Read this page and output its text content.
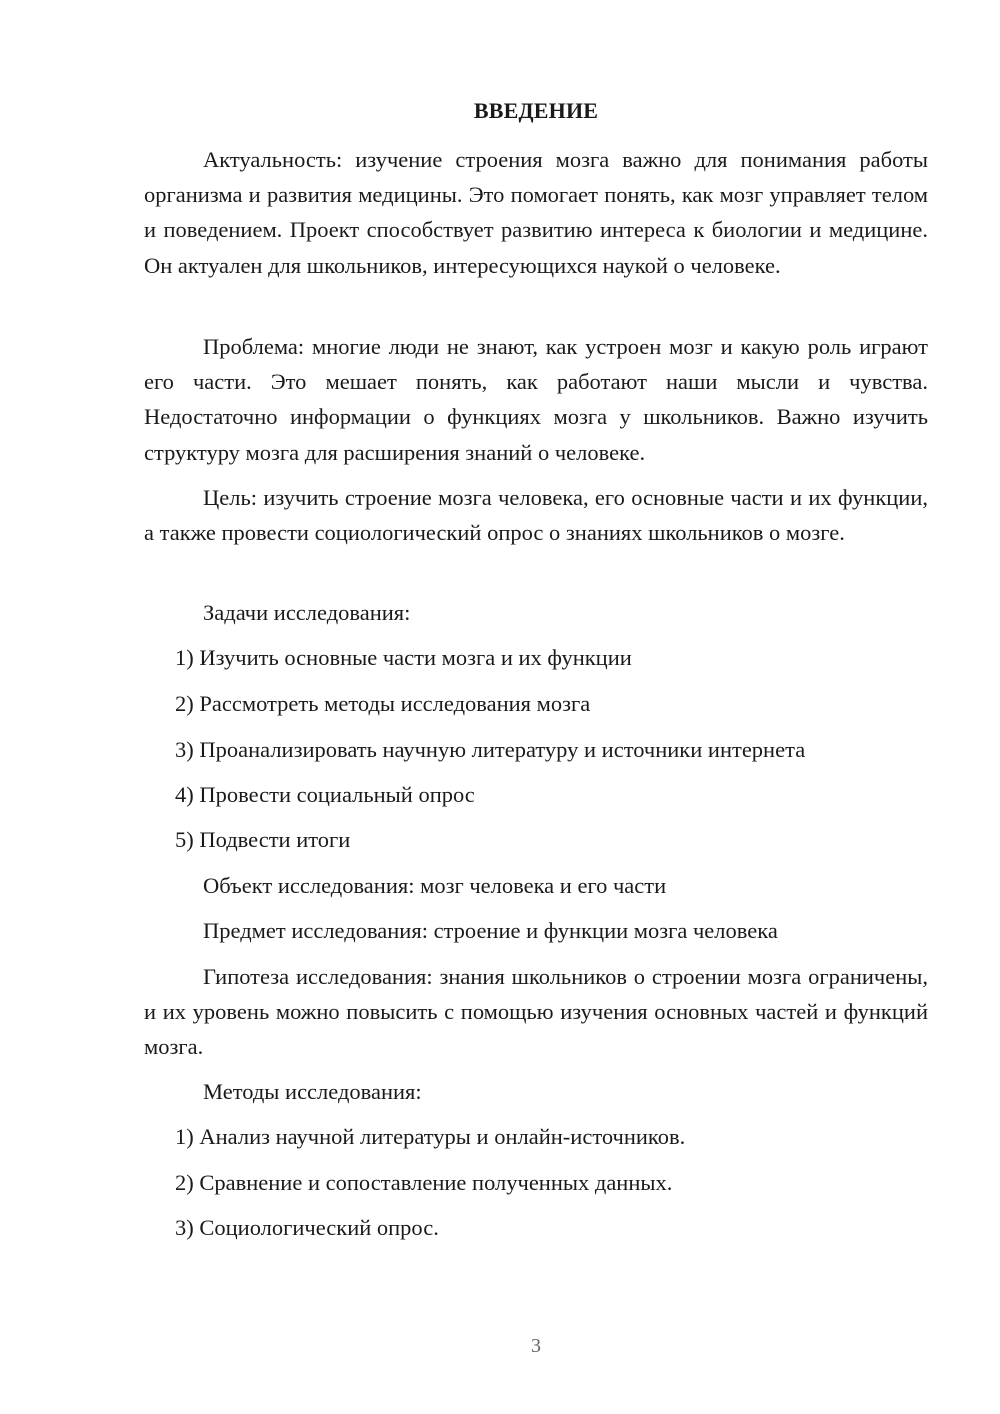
ВВЕДЕНИЕ

Актуальность: изучение строения мозга важно для понимания работы организма и развития медицины. Это помогает понять, как мозг управляет телом и поведением. Проект способствует развитию интереса к биологии и медицине. Он актуален для школьников, интересующихся наукой о человеке.

Проблема: многие люди не знают, как устроен мозг и какую роль играют его части. Это мешает понять, как работают наши мысли и чувства. Недостаточно информации о функциях мозга у школьников. Важно изучить структуру мозга для расширения знаний о человеке.

Цель: изучить строение мозга человека, его основные части и их функции, а также провести социологический опрос о знаниях школьников о мозге.

Задачи исследования:
1) Изучить основные части мозга и их функции
2) Рассмотреть методы исследования мозга
3) Проанализировать научную литературу и источники интернета
4) Провести социальный опрос
5) Подвести итоги
Объект исследования: мозг человека и его части
Предмет исследования: строение и функции мозга человека

Гипотеза исследования: знания школьников о строении мозга ограничены, и их уровень можно повысить с помощью изучения основных частей и функций мозга.

Методы исследования:
1) Анализ научной литературы и онлайн-источников.
2) Сравнение и сопоставление полученных данных.
3) Социологический опрос.
3
